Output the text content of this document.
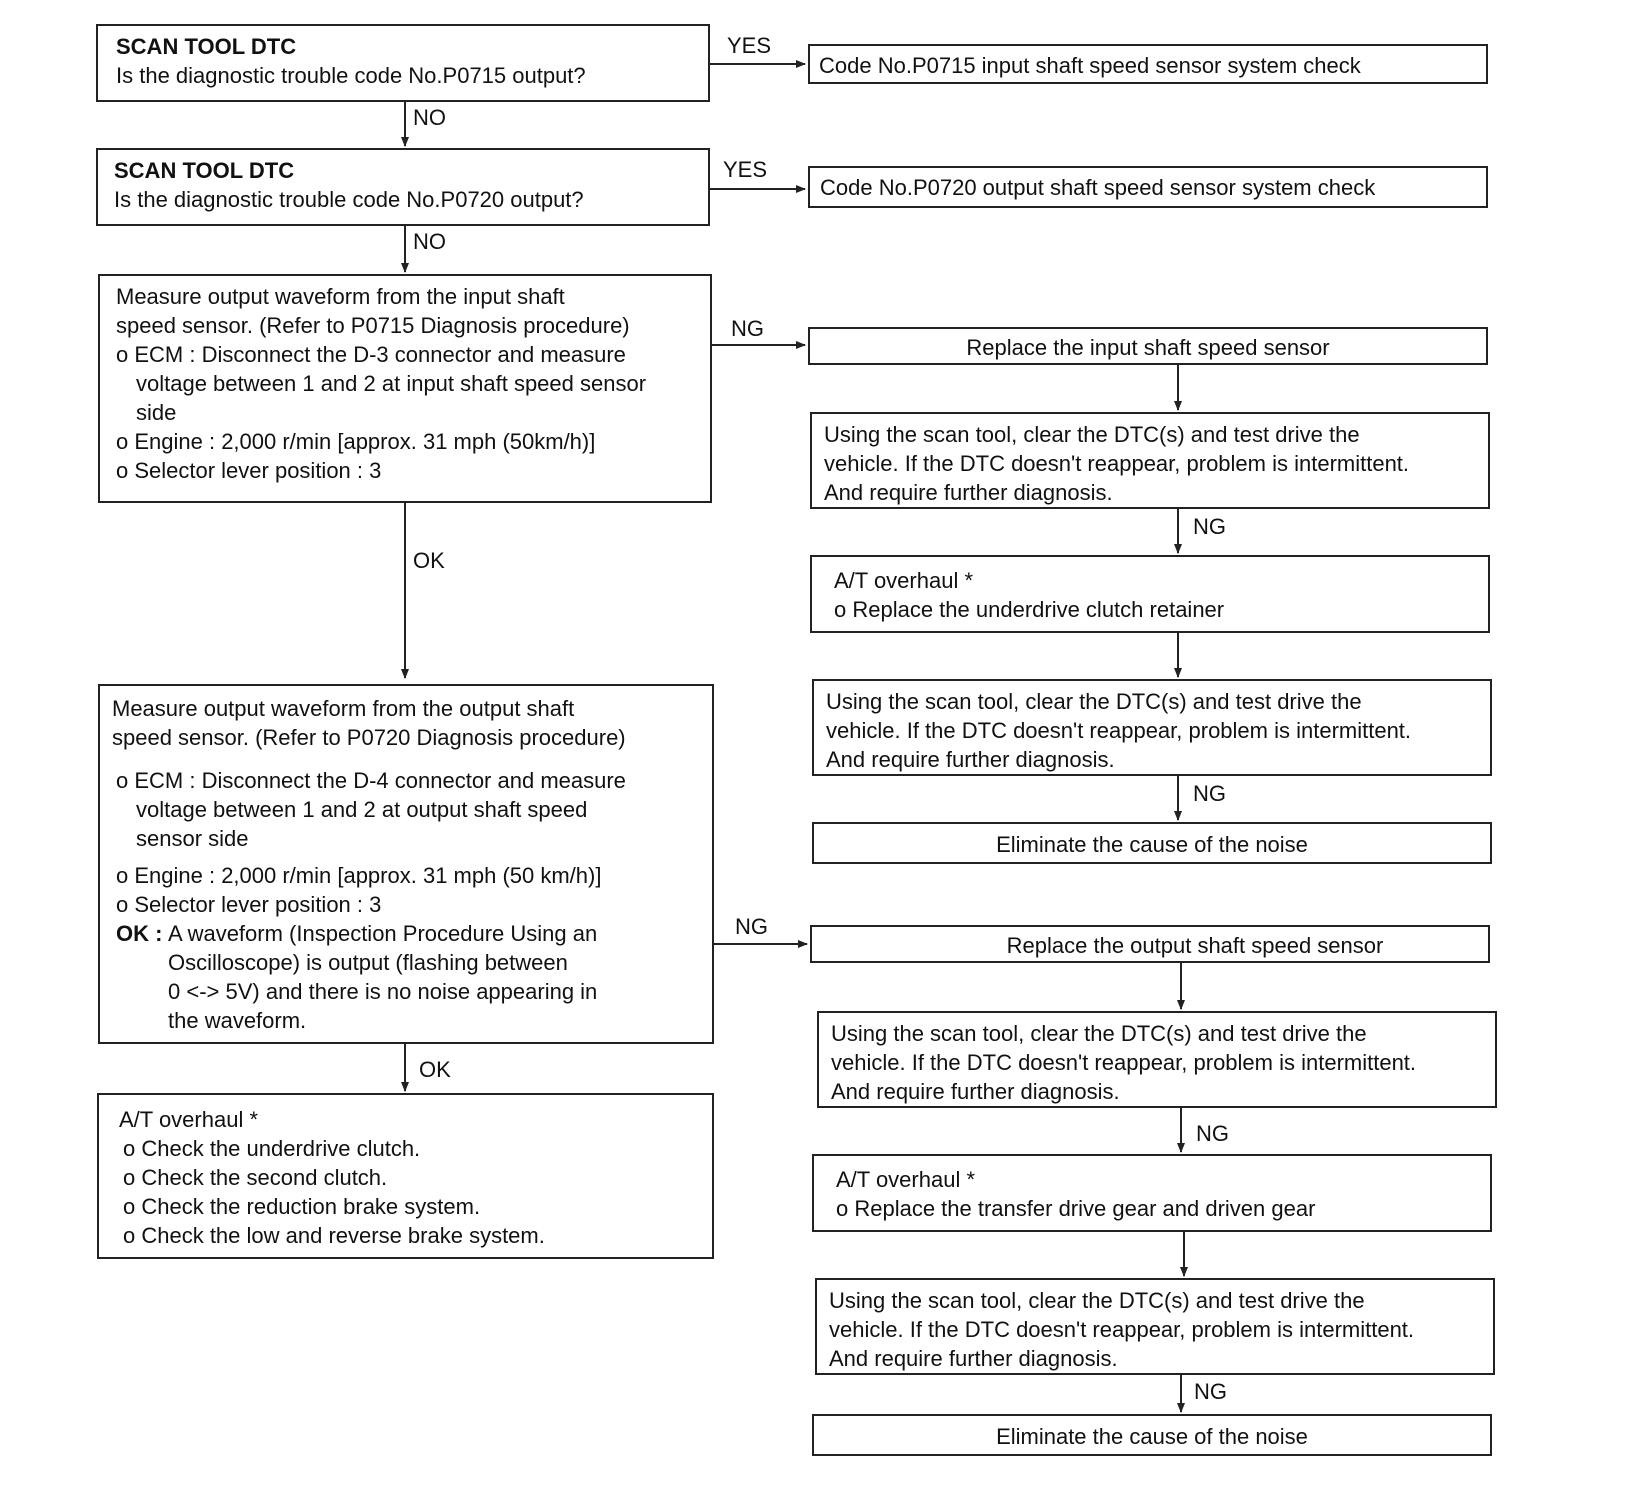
SCAN TOOL DTC
Is the diagnostic trouble code No.P0715 output?
YES
Code No.P0715 input shaft speed sensor system check
NO
SCAN TOOL DTC
Is the diagnostic trouble code No.P0720 output?
YES
Code No.P0720 output shaft speed sensor system check
NO
Measure output waveform from the input shaft
speed sensor. (Refer to P0715 Diagnosis procedure)
o ECM : Disconnect the D-3 connector and measure
voltage between 1 and 2 at input shaft speed sensor
side
o Engine : 2,000 r/min [approx. 31 mph (50km/h)]
o Selector lever position : 3
NG
OK
Replace the input shaft speed sensor
Using the scan tool, clear the DTC(s) and test drive the
vehicle. If the DTC doesn't reappear, problem is intermittent.
And require further diagnosis.
NG
A/T overhaul *
o Replace the underdrive clutch retainer
Using the scan tool, clear the DTC(s) and test drive the
vehicle. If the DTC doesn't reappear, problem is intermittent.
And require further diagnosis.
NG
Eliminate the cause of the noise
Measure output waveform from the output shaft
speed sensor. (Refer to P0720 Diagnosis procedure)
o ECM : Disconnect the D-4 connector and measure
voltage between 1 and 2 at output shaft speed
sensor side
o Engine : 2,000 r/min [approx. 31 mph (50 km/h)]
o Selector lever position : 3
OK : A waveform (Inspection Procedure Using an
Oscilloscope) is output (flashing between
0 <-> 5V) and there is no noise appearing in
the waveform.
NG
OK
A/T overhaul *
o Check the underdrive clutch.
o Check the second clutch.
o Check the reduction brake system.
o Check the low and reverse brake system.
Replace the output shaft speed sensor
Using the scan tool, clear the DTC(s) and test drive the
vehicle. If the DTC doesn't reappear, problem is intermittent.
And require further diagnosis.
NG
A/T overhaul *
o Replace the transfer drive gear and driven gear
Using the scan tool, clear the DTC(s) and test drive the
vehicle. If the DTC doesn't reappear, problem is intermittent.
And require further diagnosis.
NG
Eliminate the cause of the noise
